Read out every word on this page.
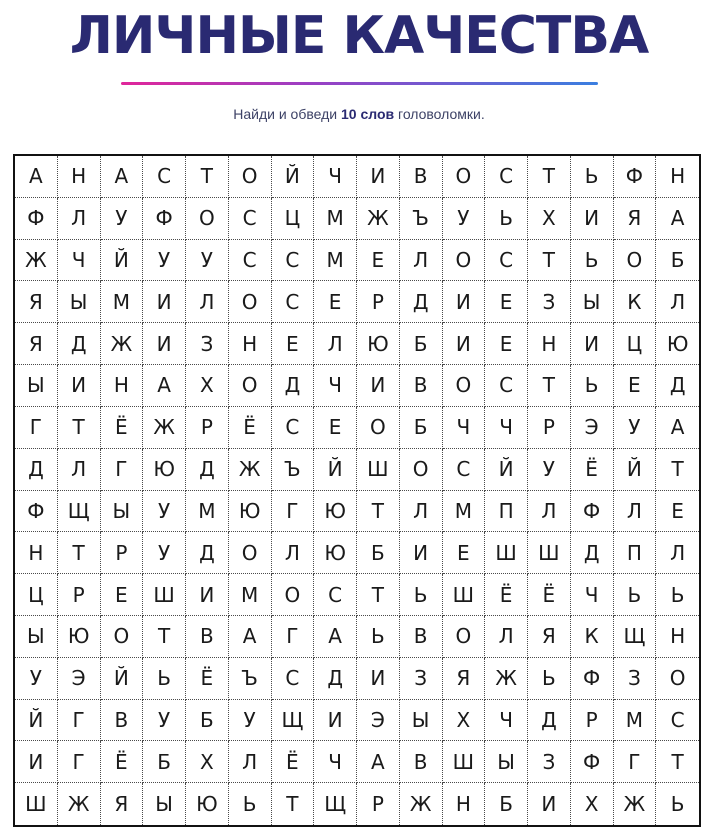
ЛИЧНЫЕ КАЧЕСТВА
Найди и обведи 10 слов головоломки.
А	Н	А	С	Т	О	Й	Ч	И	В	О	С	Т	Ь	Ф	Н
Ф	Л	У	Ф	О	С	Ц	М	Ж	Ъ	У	Ь	Х	И	Я	А
Ж	Ч	Й	У	У	С	С	М	Е	Л	О	С	Т	Ь	О	Б
Я	Ы	М	И	Л	О	С	Е	Р	Д	И	Е	З	Ы	К	Л
Я	Д	Ж	И	З	Н	Е	Л	Ю	Б	И	Е	Н	И	Ц	Ю
Ы	И	Н	А	Х	О	Д	Ч	И	В	О	С	Т	Ь	Е	Д
Г	Т	Ё	Ж	Р	Ё	С	Е	О	Б	Ч	Ч	Р	Э	У	А
Д	Л	Г	Ю	Д	Ж	Ъ	Й	Ш	О	С	Й	У	Ё	Й	Т
Ф	Щ	Ы	У	М	Ю	Г	Ю	Т	Л	М	П	Л	Ф	Л	Е
Н	Т	Р	У	Д	О	Л	Ю	Б	И	Е	Ш	Ш	Д	П	Л
Ц	Р	Е	Ш	И	М	О	С	Т	Ь	Ш	Ё	Ё	Ч	Ь	Ь
Ы	Ю	О	Т	В	А	Г	А	Ь	В	О	Л	Я	К	Щ	Н
У	Э	Й	Ь	Ё	Ъ	С	Д	И	З	Я	Ж	Ь	Ф	З	О
Й	Г	В	У	Б	У	Щ	И	Э	Ы	Х	Ч	Д	Р	М	С
И	Г	Ё	Б	Х	Л	Ё	Ч	А	В	Ш	Ы	З	Ф	Г	Т
Ш	Ж	Я	Ы	Ю	Ь	Т	Щ	Р	Ж	Н	Б	И	Х	Ж	Ь
